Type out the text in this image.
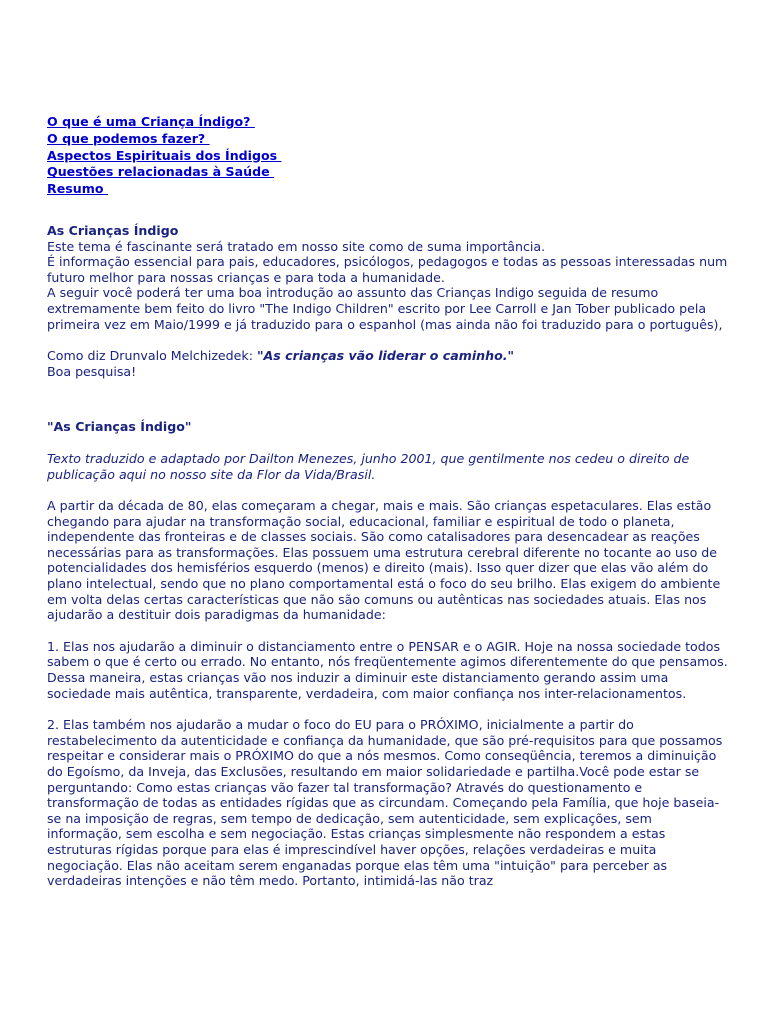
O que é uma Criança Índigo?
O que podemos fazer?
Aspectos Espirituais dos Índigos
Questões relacionadas à Saúde
Resumo

As Crianças Índigo

Este tema é fascinante será tratado em nosso site como de suma importância.

É informação essencial para pais, educadores, psicólogos, pedagogos e todas as pessoas interessadas num futuro melhor para nossas crianças e para toda a humanidade.

A seguir você poderá ter uma boa introdução ao assunto das Crianças Indigo seguida de resumo extremamente bem feito do livro "The Indigo Children" escrito por Lee Carroll e Jan Tober publicado pela primeira vez em Maio/1999 e já traduzido para o espanhol (mas ainda não foi traduzido para o português),

Como diz Drunvalo Melchizedek: "As crianças vão liderar o caminho."

Boa pesquisa!

"As Crianças Índigo"

Texto traduzido e adaptado por Dailton Menezes, junho 2001, que gentilmente nos cedeu o direito de publicação aqui no nosso site da Flor da Vida/Brasil.

A partir da década de 80, elas começaram a chegar, mais e mais. São crianças espetaculares. Elas estão chegando para ajudar na transformação social, educacional, familiar e espiritual de todo o planeta, independente das fronteiras e de classes sociais. São como catalisadores para desencadear as reações necessárias para as transformações. Elas possuem uma estrutura cerebral diferente no tocante ao uso de potencialidades dos hemisférios esquerdo (menos) e direito (mais). Isso quer dizer que elas vão além do plano intelectual, sendo que no plano comportamental está o foco do seu brilho. Elas exigem do ambiente em volta delas certas características que não são comuns ou autênticas nas sociedades atuais. Elas nos ajudarão a destituir dois paradigmas da humanidade:

1. Elas nos ajudarão a diminuir o distanciamento entre o PENSAR e o AGIR. Hoje na nossa sociedade todos sabem o que é certo ou errado. No entanto, nós freqüentemente agimos diferentemente do que pensamos. Dessa maneira, estas crianças vão nos induzir a diminuir este distanciamento gerando assim uma sociedade mais autêntica, transparente, verdadeira, com maior confiança nos inter-relacionamentos.

2. Elas também nos ajudarão a mudar o foco do EU para o PRÓXIMO, inicialmente a partir do restabelecimento da autenticidade e confiança da humanidade, que são pré-requisitos para que possamos respeitar e considerar mais o PRÓXIMO do que a nós mesmos. Como conseqüência, teremos a diminuição do Egoísmo, da Inveja, das Exclusões, resultando em maior solidariedade e partilha.Você pode estar se perguntando: Como estas crianças vão fazer tal transformação? Através do questionamento e transformação de todas as entidades rígidas que as circundam. Começando pela Família, que hoje baseia-se na imposição de regras, sem tempo de dedicação, sem autenticidade, sem explicações, sem informação, sem escolha e sem negociação. Estas crianças simplesmente não respondem a estas estruturas rígidas porque para elas é imprescindível haver opções, relações verdadeiras e muita negociação. Elas não aceitam serem enganadas porque elas têm uma "intuição" para perceber as verdadeiras intenções e não têm medo. Portanto, intimidá-las não traz
